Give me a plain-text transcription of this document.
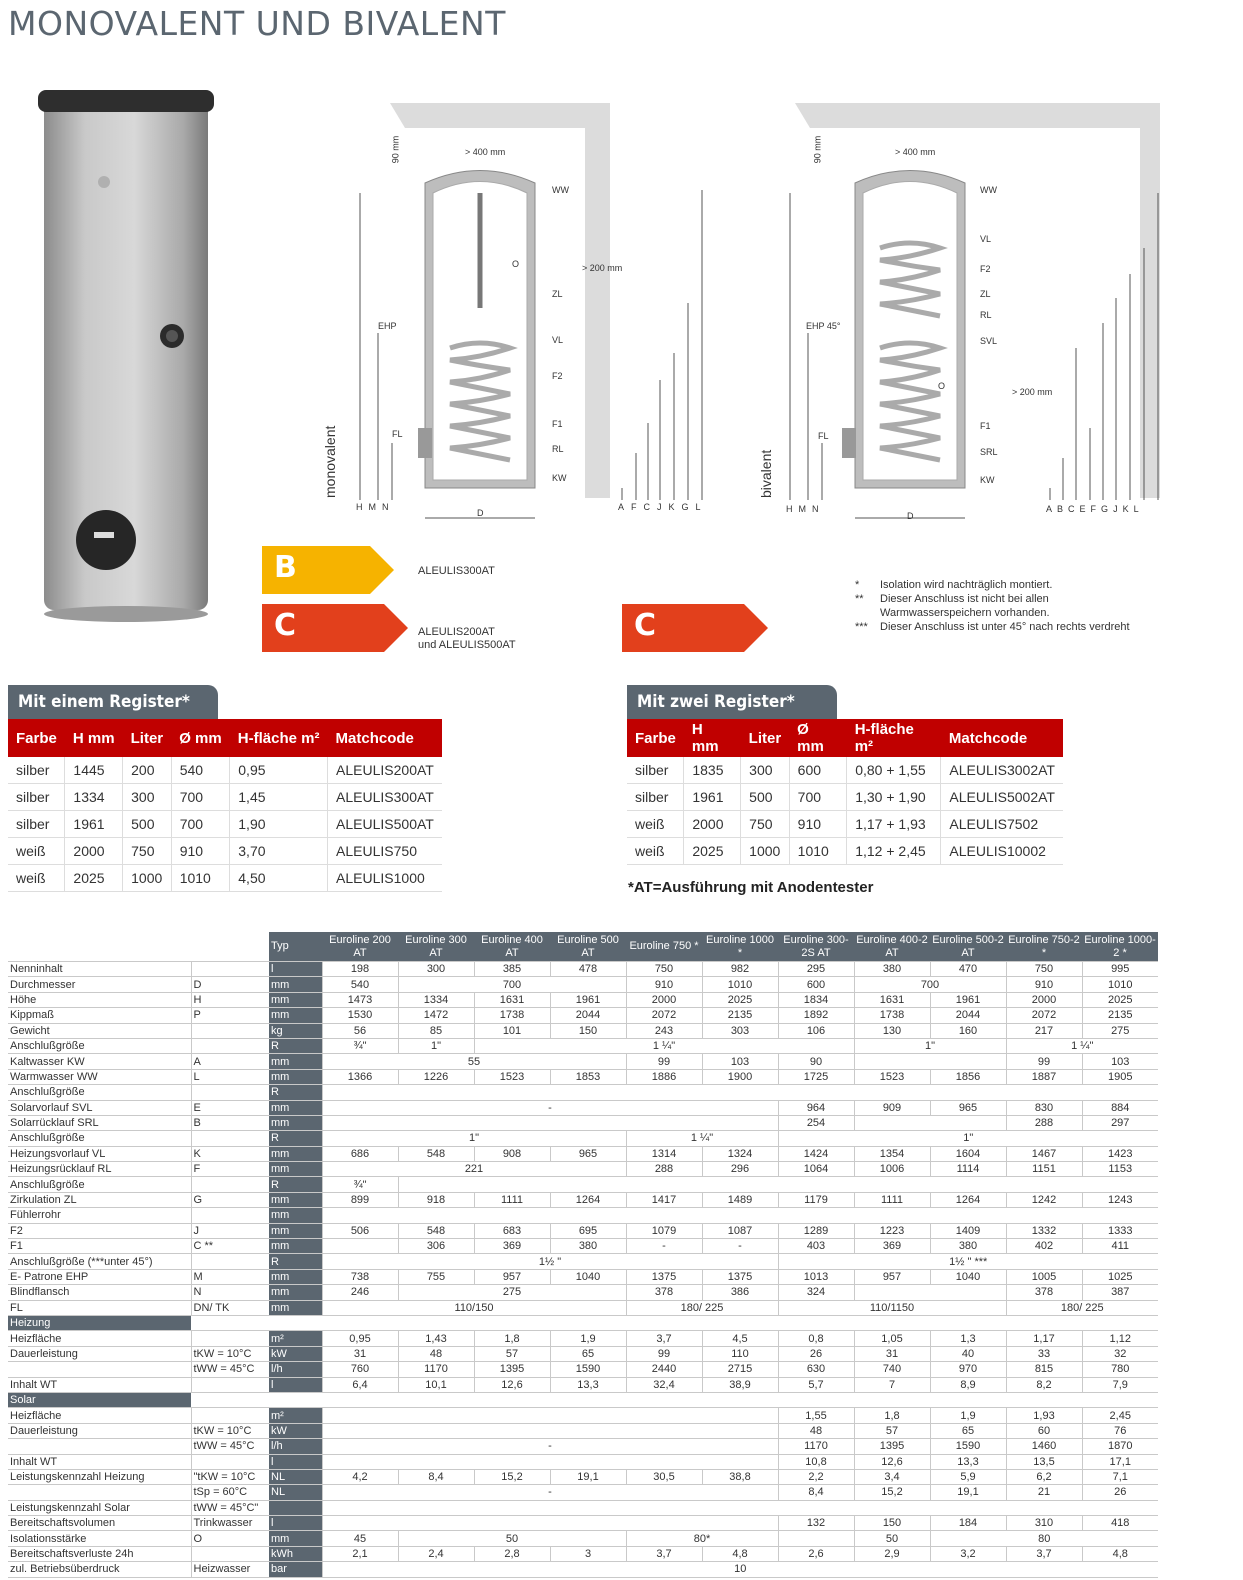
MONOVALENT UND BIVALENT
monovalent
90 mm	> 400 mm
> 200 mm
D
WW
ZL
VL
F2
F1
RL
KW
EHP
FL
O
HMN	AFCJKGL
bivalent
90 mm	> 400 mm
> 200 mm
D
WW
VL
F2
ZL
RL
SVL
F1
SRL
KW
EHP 45°
FL
O
HMN	ABCEFGJKL
B	ALEULIS300AT
C	ALEULIS200AT
und ALEULIS500AT
C
*	Isolation wird nachträglich montiert.
**	Dieser Anschluss ist nicht bei allen
Warmwasserspeichern vorhanden.
***	Dieser Anschluss ist unter 45° nach rechts verdreht
Mit einem Register*
Farbe	H mm	Liter	Ø mm	H-fläche m²	Matchcode
silber	1445	200	540	0,95	ALEULIS200AT
silber	1334	300	700	1,45	ALEULIS300AT
silber	1961	500	700	1,90	ALEULIS500AT
weiß	2000	750	910	3,70	ALEULIS750
weiß	2025	1000	1010	4,50	ALEULIS1000
Mit zwei Register*
Farbe	H mm	Liter	Ø mm	H-fläche m²	Matchcode
silber	1835	300	600	0,80 + 1,55	ALEULIS3002AT
silber	1961	500	700	1,30 + 1,90	ALEULIS5002AT
weiß	2000	750	910	1,17 + 1,93	ALEULIS7502
weiß	2025	1000	1010	1,12 + 2,45	ALEULIS10002
*AT=Ausführung mit Anodentester
		Typ	Euroline 200 AT	Euroline 300 AT	Euroline 400 AT	Euroline 500 AT	Euroline 750 *	Euroline 1000 *	Euroline 300-2S AT	Euroline 400-2 AT	Euroline 500-2 AT	Euroline 750-2 *	Euroline 1000-2 *
Nenninhalt		l	198	300	385	478	750	982	295	380	470	750	995
Durchmesser	D	mm	540	700			910	1010	600	700		910	1010
Höhe	H	mm	1473	1334	1631	1961	2000	2025	1834	1631	1961	2000	2025
Kippmaß	P	mm	1530	1472	1738	2044	2072	2135	1892	1738	2044	2072	2135
Gewicht		kg	56	85	101	150	243	303	106	130	160	217	275
Anschlußgröße		R	¾"	1"	1 ¼"					1"		1 ¼"	
Kaltwasser KW	A	mm	55				99	103	90			99	103
Warmwasser WW	L	mm	1366	1226	1523	1853	1886	1900	1725	1523	1856	1887	1905
Anschlußgröße		R											
Solarvorlauf SVL	E	mm	-						964	909	965	830	884
Solarrücklauf SRL	B	mm							254			288	297
Anschlußgröße		R	1"				1 ¼"		1"				
Heizungsvorlauf VL	K	mm	686	548	908	965	1314	1324	1424	1354	1604	1467	1423
Heizungsrücklauf RL	F	mm	221				288	296	1064	1006	1114	1151	1153
Anschlußgröße		R	¾"										
Zirkulation ZL	G	mm	899	918	1111	1264	1417	1489	1179	1111	1264	1242	1243
Fühlerrohr		mm											
F2	J	mm	506	548	683	695	1079	1087	1289	1223	1409	1332	1333
F1	C **	mm		306	369	380	-	-	403	369	380	402	411
Anschlußgröße (***unter 45°)		R	1½ "						1½ " ***				
E- Patrone EHP	M	mm	738	755	957	1040	1375	1375	1013	957	1040	1005	1025
Blindflansch	N	mm	246	275			378	386	324			378	387
FL	DN/ TK	mm	110/150				180/ 225		110/1150			180/ 225	
Heizung													
Heizfläche		m²	0,95	1,43	1,8	1,9	3,7	4,5	0,8	1,05	1,3	1,17	1,12
Dauerleistung	tKW = 10°C	kW	31	48	57	65	99	110	26	31	40	33	32
	tWW = 45°C	l/h	760	1170	1395	1590	2440	2715	630	740	970	815	780
Inhalt WT		l	6,4	10,1	12,6	13,3	32,4	38,9	5,7	7	8,9	8,2	7,9
Solar													
Heizfläche		m²							1,55	1,8	1,9	1,93	2,45
Dauerleistung	tKW = 10°C	kW							48	57	65	60	76
	tWW = 45°C	l/h	-						1170	1395	1590	1460	1870
Inhalt WT		l							10,8	12,6	13,3	13,5	17,1
Leistungskennzahl Heizung	"tKW = 10°C	NL	4,2	8,4	15,2	19,1	30,5	38,8	2,2	3,4	5,9	6,2	7,1
	tSp = 60°C	NL	-						8,4	15,2	19,1	21	26
Leistungskennzahl Solar	tWW = 45°C"												
Bereitschaftsvolumen	Trinkwasser	l							132	150	184	310	418
Isolationsstärke	O	mm	45	50			80*			50	80		
Bereitschaftsverluste 24h		kWh	2,1	2,4	2,8	3	3,7	4,8	2,6	2,9	3,2	3,7	4,8
zul. Betriebsüberdruck	Heizwasser	bar	10										
